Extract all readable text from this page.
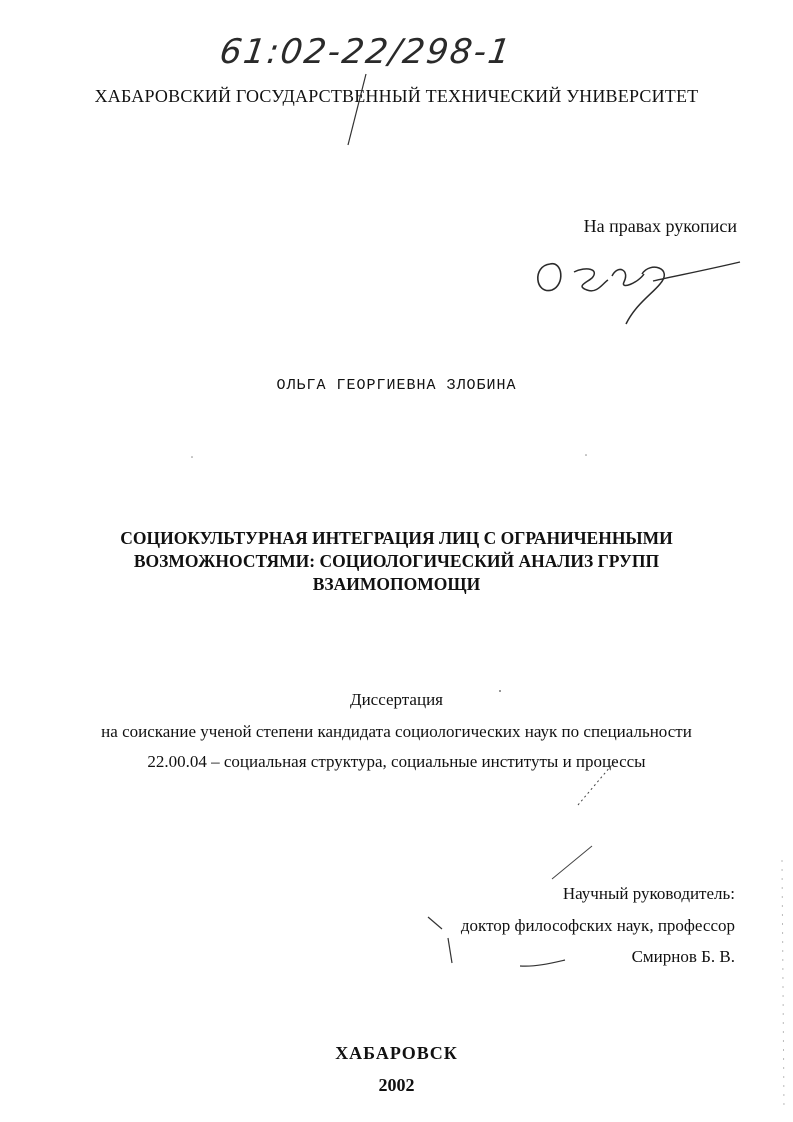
61:02-22/298-1
ХАБАРОВСКИЙ ГОСУДАРСТВЕННЫЙ ТЕХНИЧЕСКИЙ УНИВЕРСИТЕТ
На правах рукописи
ОЛЬГА ГЕОРГИЕВНА ЗЛОБИНА
СОЦИОКУЛЬТУРНАЯ ИНТЕГРАЦИЯ ЛИЦ С ОГРАНИЧЕННЫМИ
ВОЗМОЖНОСТЯМИ: СОЦИОЛОГИЧЕСКИЙ АНАЛИЗ ГРУПП
ВЗАИМОПОМОЩИ
Диссертация
на соискание ученой степени кандидата социологических наук по специальности
22.00.04 – социальная структура, социальные институты и процессы
Научный руководитель:
доктор философских наук, профессор
Смирнов Б. В.
ХАБАРОВСК
2002
